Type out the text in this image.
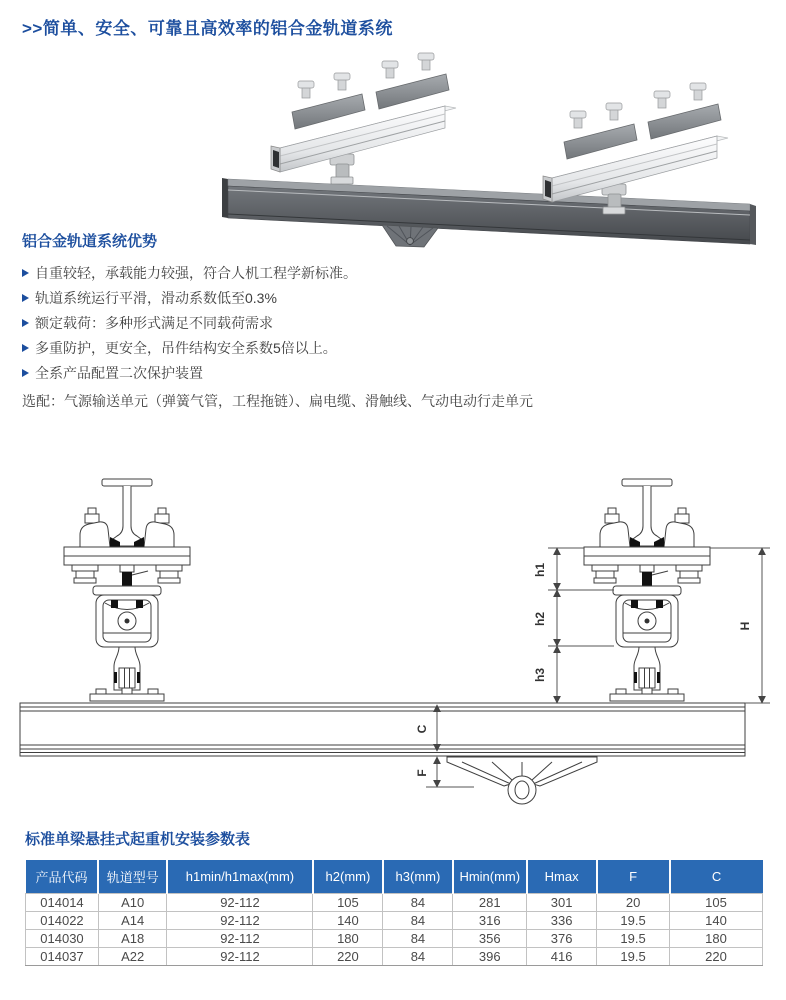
>>简单、安全、可靠且高效率的铝合金轨道系统
铝合金轨道系统优势
自重较轻，承载能力较强，符合人机工程学新标准。
轨道系统运行平滑，滑动系数低至0.3%
额定载荷：多种形式满足不同载荷需求
多重防护，更安全，吊件结构安全系数5倍以上。
全系产品配置二次保护装置
选配：气源输送单元（弹簧气管，工程拖链）、扁电缆、滑触线、气动电动行走单元
h1
h2
h3
H
C
F
标准单梁悬挂式起重机安装参数表
产品代码	轨道型号	h1min/h1max(mm)	h2(mm)	h3(mm)	Hmin(mm)	Hmax	F	C
014014	A10	92-112	105	84	281	301	20	105
014022	A14	92-112	140	84	316	336	19.5	140
014030	A18	92-112	180	84	356	376	19.5	180
014037	A22	92-112	220	84	396	416	19.5	220
